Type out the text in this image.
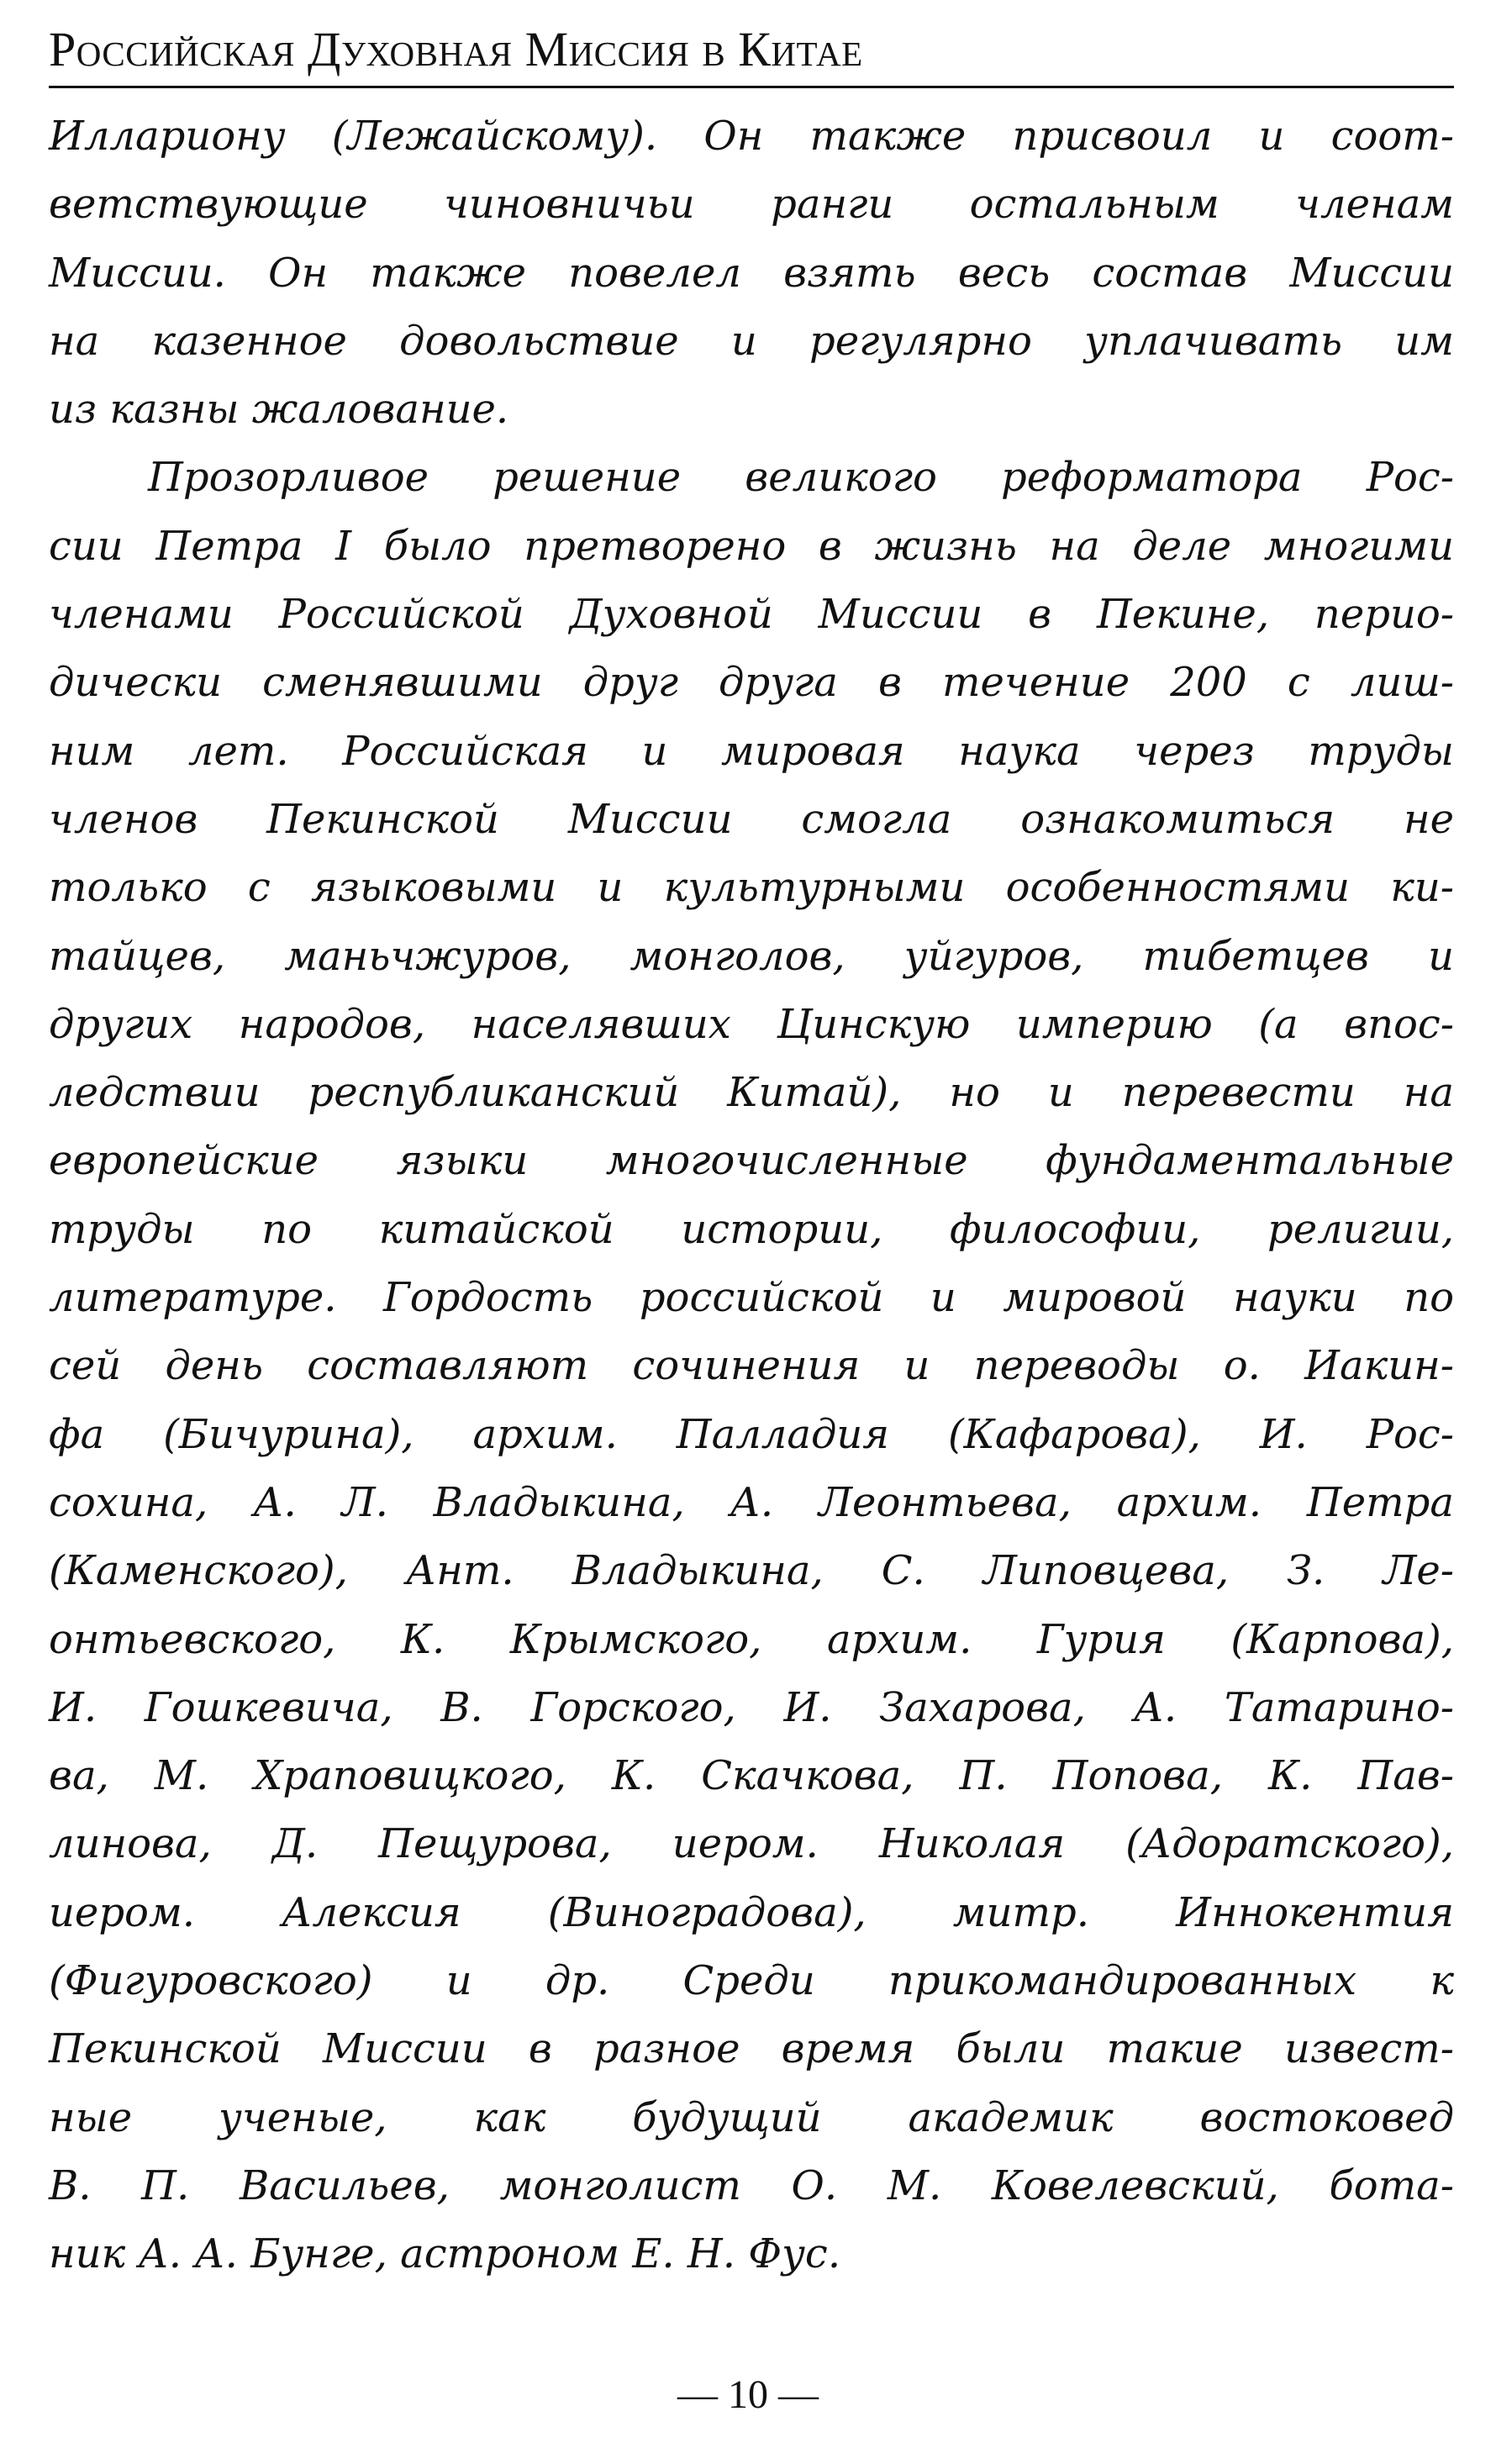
Российская Духовная Миссия в Китае
Иллариону (Лежайскому). Он также присвоил и соот-
ветствующие чиновничьи ранги остальным членам
Миссии. Он также повелел взять весь состав Миссии
на казенное довольствие и регулярно уплачивать им
из казны жалование.
Прозорливое решение великого реформатора Рос-
сии Петра I было претворено в жизнь на деле многими
членами Российской Духовной Миссии в Пекине, перио-
дически сменявшими друг друга в течение 200 с лиш-
ним лет. Российская и мировая наука через труды
членов Пекинской Миссии смогла ознакомиться не
только с языковыми и культурными особенностями ки-
тайцев, маньчжуров, монголов, уйгуров, тибетцев и
других народов, населявших Цинскую империю (а впос-
ледствии республиканский Китай), но и перевести на
европейские языки многочисленные фундаментальные
труды по китайской истории, философии, религии,
литературе. Гордость российской и мировой науки по
сей день составляют сочинения и переводы о. Иакин-
фа (Бичурина), архим. Палладия (Кафарова), И. Рос-
сохина, А. Л. Владыкина, А. Леонтьева, архим. Петра
(Каменского), Ант. Владыкина, С. Липовцева, З. Ле-
онтьевского, К. Крымского, архим. Гурия (Карпова),
И. Гошкевича, В. Горского, И. Захарова, А. Татарино-
ва, М. Храповицкого, К. Скачкова, П. Попова, К. Пав-
линова, Д. Пещурова, иером. Николая (Адоратского),
иером. Алексия (Виноградова), митр. Иннокентия
(Фигуровского) и др. Среди прикомандированных к
Пекинской Миссии в разное время были такие извест-
ные ученые, как будущий академик востоковед
В. П. Васильев, монголист О. М. Ковелевский, бота-
ник А. А. Бунге, астроном Е. Н. Фус.
— 10 —
